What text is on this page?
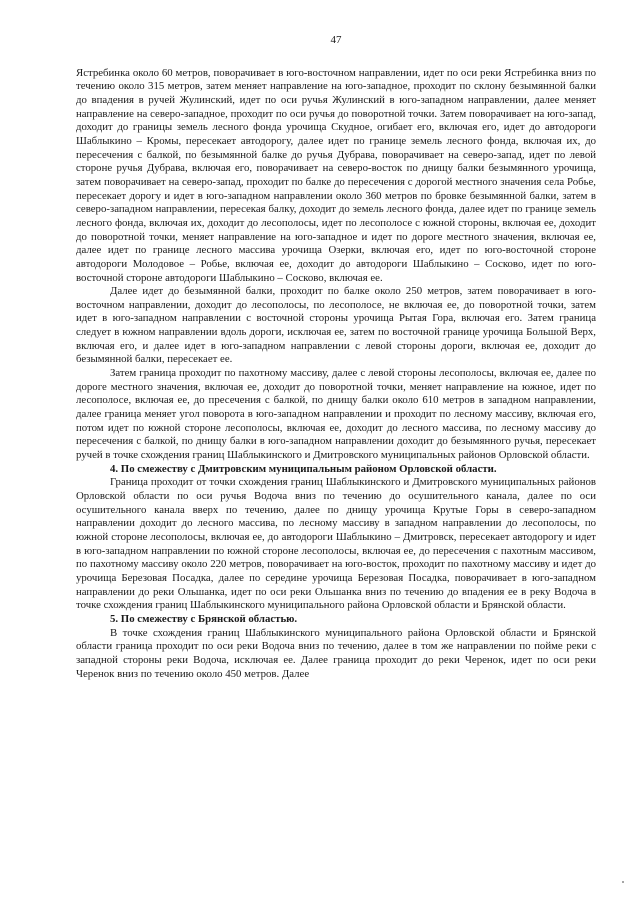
47

Ястребинка около 60 метров, поворачивает в юго-восточном направлении, идет по оси реки Ястребинка вниз по течению около 315 метров, затем меняет направление на юго-западное, проходит по склону безымянной балки до впадения в ручей Жулинский, идет по оси ручья Жулинский в юго-западном направлении, далее меняет направление на северо-западное, проходит по оси ручья до поворотной точки. Затем поворачивает на юго-запад, доходит до границы земель лесного фонда урочища Скудное, огибает его, включая его, идет до автодороги Шаблыкино – Кромы, пересекает автодорогу, далее идет по границе земель лесного фонда, включая их, до пересечения с балкой, по безымянной балке до ручья Дубрава, поворачивает на северо-запад, идет по левой стороне ручья Дубрава, включая его, поворачивает на северо-восток по днищу балки безымянного урочища, затем поворачивает на северо-запад, проходит по балке до пересечения с дорогой местного значения села Робье, пересекает дорогу и идет в юго-западном направлении около 360 метров по бровке безымянной балки, затем в северо-западном направлении, пересекая балку, доходит до земель лесного фонда, далее идет по границе земель лесного фонда, включая их, доходит до лесополосы, идет по лесополосе с южной стороны, включая ее, доходит до поворотной точки, меняет направление на юго-западное и идет по дороге местного значения, включая ее, далее идет по границе лесного массива урочища Озерки, включая его, идет по юго-восточной стороне автодороги Молодовое – Робье, включая ее, доходит до автодороги Шаблыкино – Сосково, идет по юго-восточной стороне автодороги Шаблыкино – Сосково, включая ее.

Далее идет до безымянной балки, проходит по балке около 250 метров, затем поворачивает в юго-восточном направлении, доходит до лесополосы, по лесополосе, не включая ее, до поворотной точки, затем идет в юго-западном направлении с восточной стороны урочища Рытая Гора, включая его. Затем граница следует в южном направлении вдоль дороги, исключая ее, затем по восточной границе урочища Большой Верх, включая его, и далее идет в юго-западном направлении с левой стороны дороги, включая ее, доходит до безымянной балки, пересекает ее.

Затем граница проходит по пахотному массиву, далее с левой стороны лесополосы, включая ее, далее по дороге местного значения, включая ее, доходит до поворотной точки, меняет направление на южное, идет по лесополосе, включая ее, до пресечения с балкой, по днищу балки около 610 метров в западном направлении, далее граница меняет угол поворота в юго-западном направлении и проходит по лесному массиву, включая его, потом идет по южной стороне лесополосы, включая ее, доходит до лесного массива, по лесному массиву до пересечения с балкой, по днищу балки в юго-западном направлении доходит до безымянного ручья, пересекает ручей в точке схождения границ Шаблыкинского и Дмитровского муниципальных районов Орловской области.

4. По смежеству с Дмитровским муниципальным районом Орловской области.

Граница проходит от точки схождения границ Шаблыкинского и Дмитровского муниципальных районов Орловской области по оси ручья Водоча вниз по течению до осушительного канала, далее по оси осушительного канала вверх по течению, далее по днищу урочища Крутые Горы в северо-западном направлении доходит до лесного массива, по лесному массиву в западном направлении до лесополосы, по южной стороне лесополосы, включая ее, до автодороги Шаблыкино – Дмитровск, пересекает автодорогу и идет в юго-западном направлении по южной стороне лесополосы, включая ее, до пересечения с пахотным массивом, по пахотному массиву около 220 метров, поворачивает на юго-восток, проходит по пахотному массиву и идет до урочища Березовая Посадка, далее по середине урочища Березовая Посадка, поворачивает в юго-западном направлении до реки Ольшанка, идет по оси реки Ольшанка вниз по течению до впадения ее в реку Водоча в точке схождения границ Шаблыкинского муниципального района Орловской области и Брянской области.

5. По смежеству с Брянской областью.

В точке схождения границ Шаблыкинского муниципального района Орловской области и Брянской области граница проходит по оси реки Водоча вниз по течению, далее в том же направлении по пойме реки с западной стороны реки Водоча, исключая ее. Далее граница проходит до реки Черенок, идет по оси реки Черенок вниз по течению около 450 метров. Далее
